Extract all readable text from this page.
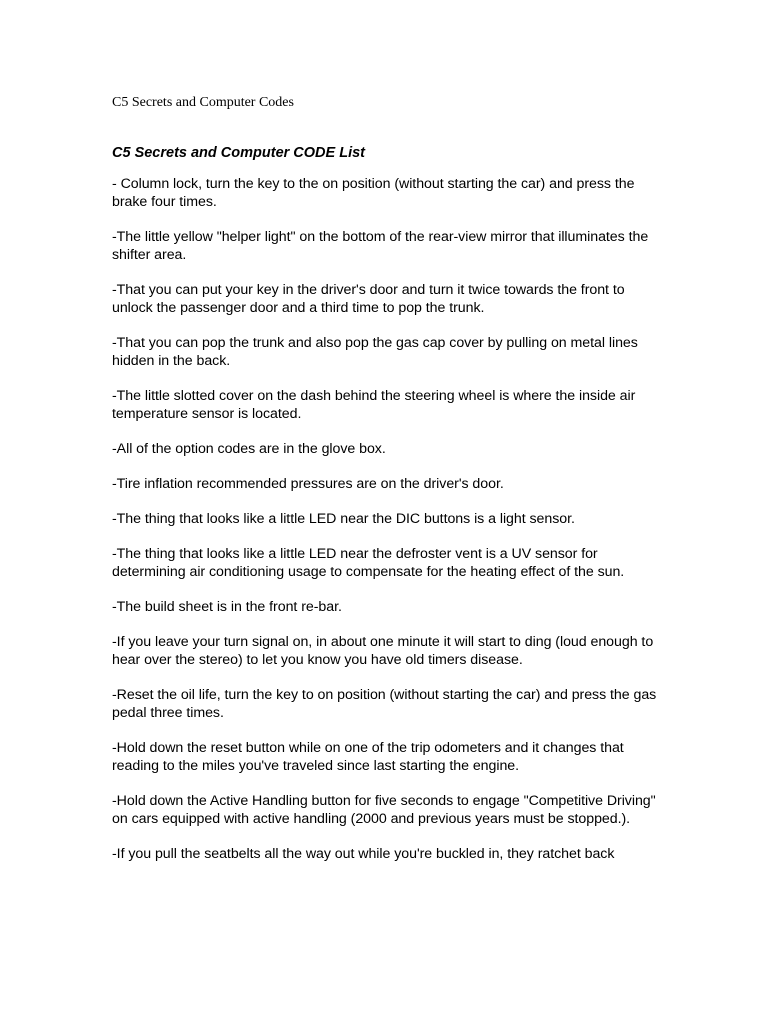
C5 Secrets and Computer Codes
C5 Secrets and Computer CODE List

- Column lock, turn the key to the on position (without starting the car) and press the brake four times.

-The little yellow "helper light" on the bottom of the rear-view mirror that illuminates the shifter area.

-That you can put your key in the driver's door and turn it twice towards the front to unlock the passenger door and a third time to pop the trunk.

-That you can pop the trunk and also pop the gas cap cover by pulling on metal lines hidden in the back.

-The little slotted cover on the dash behind the steering wheel is where the inside air temperature sensor is located.

-All of the option codes are in the glove box.

-Tire inflation recommended pressures are on the driver's door.

-The thing that looks like a little LED near the DIC buttons is a light sensor.

-The thing that looks like a little LED near the defroster vent is a UV sensor for determining air conditioning usage to compensate for the heating effect of the sun.

-The build sheet is in the front re-bar.

-If you leave your turn signal on, in about one minute it will start to ding (loud enough to hear over the stereo) to let you know you have old timers disease.

-Reset the oil life, turn the key to on position (without starting the car) and press the gas pedal three times.

-Hold down the reset button while on one of the trip odometers and it changes that reading to the miles you've traveled since last starting the engine.

-Hold down the Active Handling button for five seconds to engage "Competitive Driving" on cars equipped with active handling (2000 and previous years must be stopped.).

-If you pull the seatbelts all the way out while you're buckled in, they ratchet back
